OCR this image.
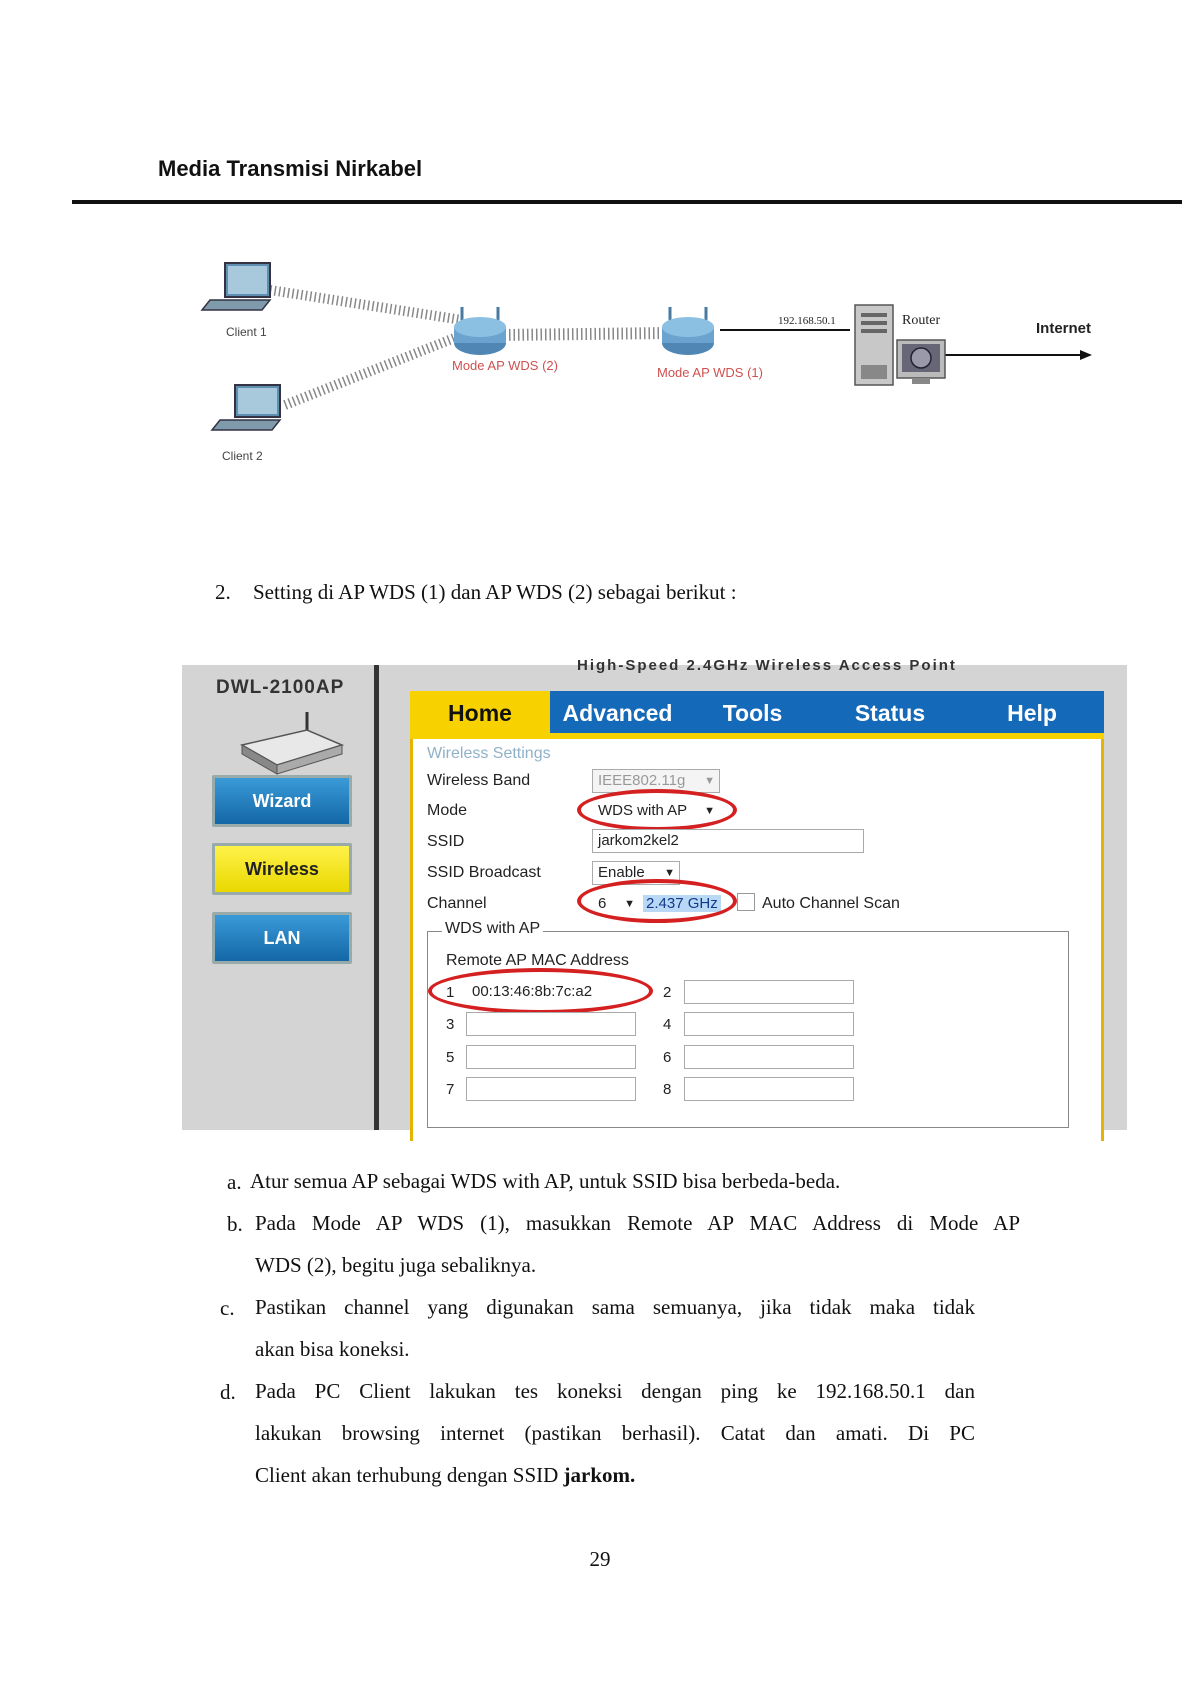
Media Transmisi Nirkabel
Client 1
Client 2
Mode AP WDS (2)	Mode AP WDS (1)
192.168.50.1	Router	Internet
2. Setting di AP WDS (1) dan AP WDS (2) sebagai berikut :
High-Speed 2.4GHz Wireless Access Point
DWL-2100AP
Wizard
Wireless
LAN
Home	Advanced	Tools	Status	Help
Wireless Settings
Wireless Band	IEEE802.11g ▼
Mode	WDS with AP ▼
SSID	jarkom2kel2
SSID Broadcast	Enable ▼
Channel	6 ▼ 2.437 GHz	Auto Channel Scan
WDS with AP
Remote AP MAC Address
1	00:13:46:8b:7c:a2	2
3	4
5	6
7	8
a. Atur semua AP sebagai WDS with AP, untuk SSID bisa berbeda-beda.
b. Pada Mode AP WDS (1), masukkan Remote AP MAC Address di Mode AP
WDS (2), begitu juga sebaliknya.
c. Pastikan channel yang digunakan sama semuanya, jika tidak maka tidak
akan bisa koneksi.
d. Pada PC Client lakukan tes koneksi dengan ping ke 192.168.50.1 dan
lakukan browsing internet (pastikan berhasil). Catat dan amati. Di PC
Client akan terhubung dengan SSID jarkom.
29
